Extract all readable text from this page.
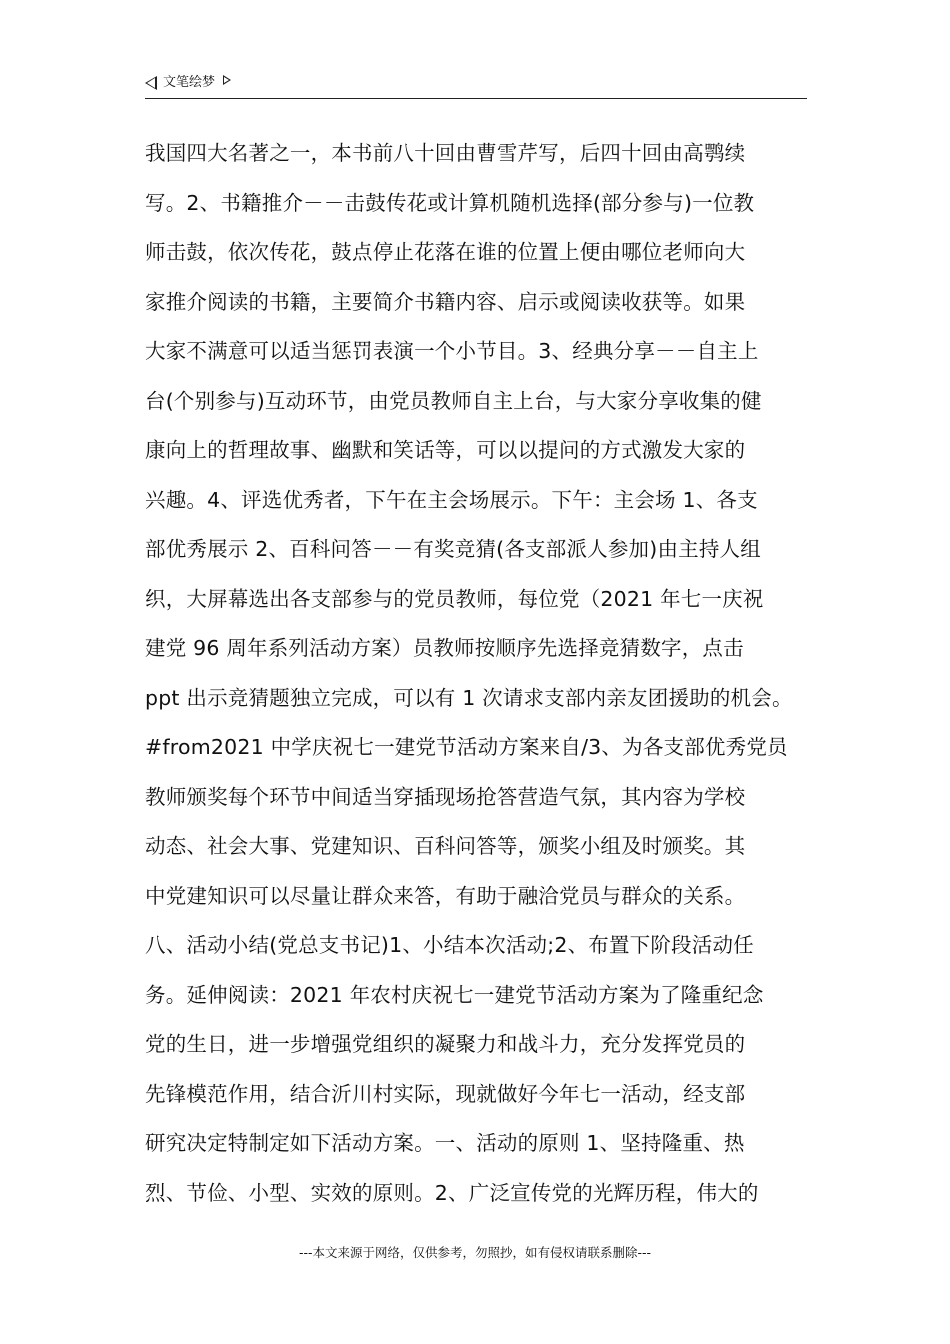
文笔绘梦
我国四大名著之一，本书前八十回由曹雪芹写，后四十回由高鹗续
写。2、书籍推介－－击鼓传花或计算机随机选择(部分参与)一位教
师击鼓，依次传花，鼓点停止花落在谁的位置上便由哪位老师向大
家推介阅读的书籍，主要简介书籍内容、启示或阅读收获等。如果
大家不满意可以适当惩罚表演一个小节目。3、经典分享－－自主上
台(个别参与)互动环节，由党员教师自主上台，与大家分享收集的健
康向上的哲理故事、幽默和笑话等，可以以提问的方式激发大家的
兴趣。4、评选优秀者，下午在主会场展示。下午：主会场 1、各支
部优秀展示 2、百科问答－－有奖竞猜(各支部派人参加)由主持人组
织，大屏幕选出各支部参与的党员教师，每位党（2021 年七一庆祝
建党 96 周年系列活动方案）员教师按顺序先选择竞猜数字，点击
ppt 出示竞猜题独立完成，可以有 1 次请求支部内亲友团援助的机会。
#from2021 中学庆祝七一建党节活动方案来自/3、为各支部优秀党员
教师颁奖每个环节中间适当穿插现场抢答营造气氛，其内容为学校
动态、社会大事、党建知识、百科问答等，颁奖小组及时颁奖。其
中党建知识可以尽量让群众来答，有助于融洽党员与群众的关系。
八、活动小结(党总支书记)1、小结本次活动;2、布置下阶段活动任
务。延伸阅读：2021 年农村庆祝七一建党节活动方案为了隆重纪念
党的生日，进一步增强党组织的凝聚力和战斗力，充分发挥党员的
先锋模范作用，结合沂川村实际，现就做好今年七一活动，经支部
研究决定特制定如下活动方案。一、活动的原则 1、坚持隆重、热
烈、节俭、小型、实效的原则。2、广泛宣传党的光辉历程，伟大的
---本文来源于网络，仅供参考，勿照抄，如有侵权请联系删除---
